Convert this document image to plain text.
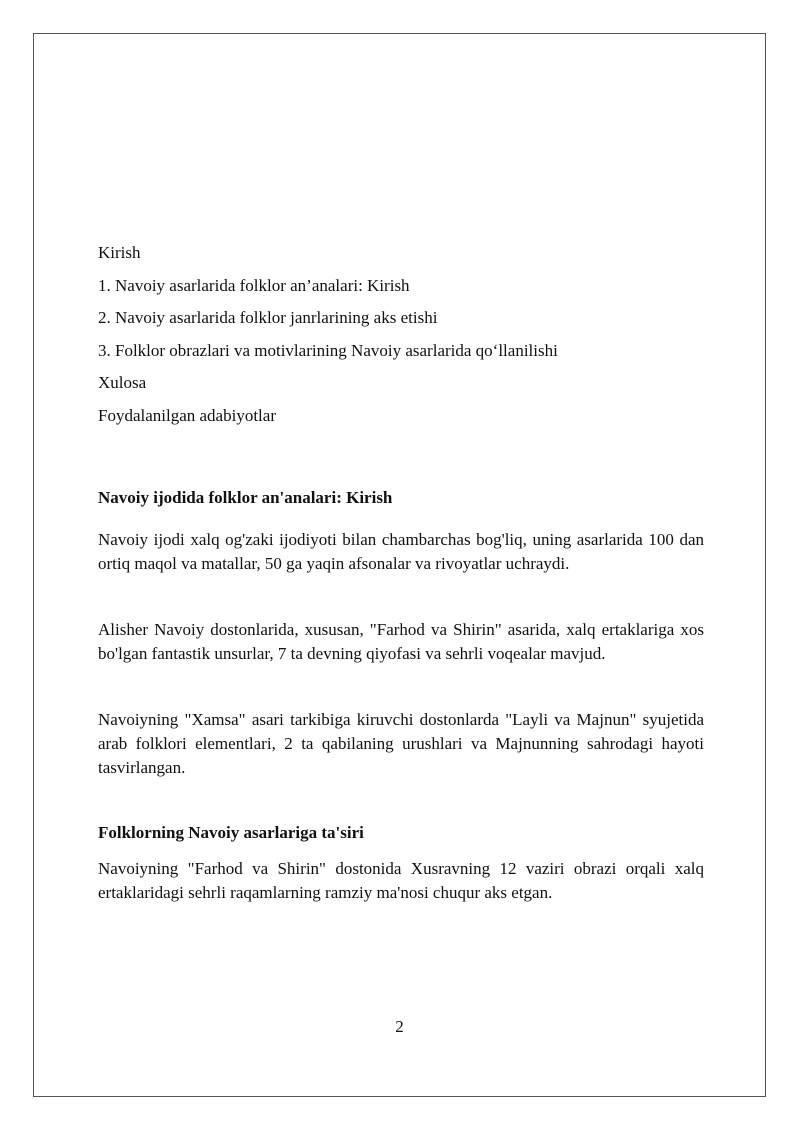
Kirish
1. Navoiy asarlarida folklor an’analari: Kirish
2. Navoiy asarlarida folklor janrlarining aks etishi
3. Folklor obrazlari va motivlarining Navoiy asarlarida qo‘llanilishi
Xulosa
Foydalanilgan adabiyotlar
Navoiy ijodida folklor an'analari: Kirish

Navoiy ijodi xalq og'zaki ijodiyoti bilan chambarchas bog'liq, uning asarlarida 100 dan ortiq maqol va matallar, 50 ga yaqin afsonalar va rivoyatlar uchraydi.

Alisher Navoiy dostonlarida, xususan, "Farhod va Shirin" asarida, xalq ertaklariga xos bo'lgan fantastik unsurlar, 7 ta devning qiyofasi va sehrli voqealar mavjud.

Navoiyning "Xamsa" asari tarkibiga kiruvchi dostonlarda "Layli va Majnun" syujetida arab folklori elementlari, 2 ta qabilaning urushlari va Majnunning sahrodagi hayoti tasvirlangan.

Folklorning Navoiy asarlariga ta'siri

Navoiyning "Farhod va Shirin" dostonida Xusravning 12 vaziri obrazi orqali xalq ertaklaridagi sehrli raqamlarning ramziy ma'nosi chuqur aks etgan.

2
